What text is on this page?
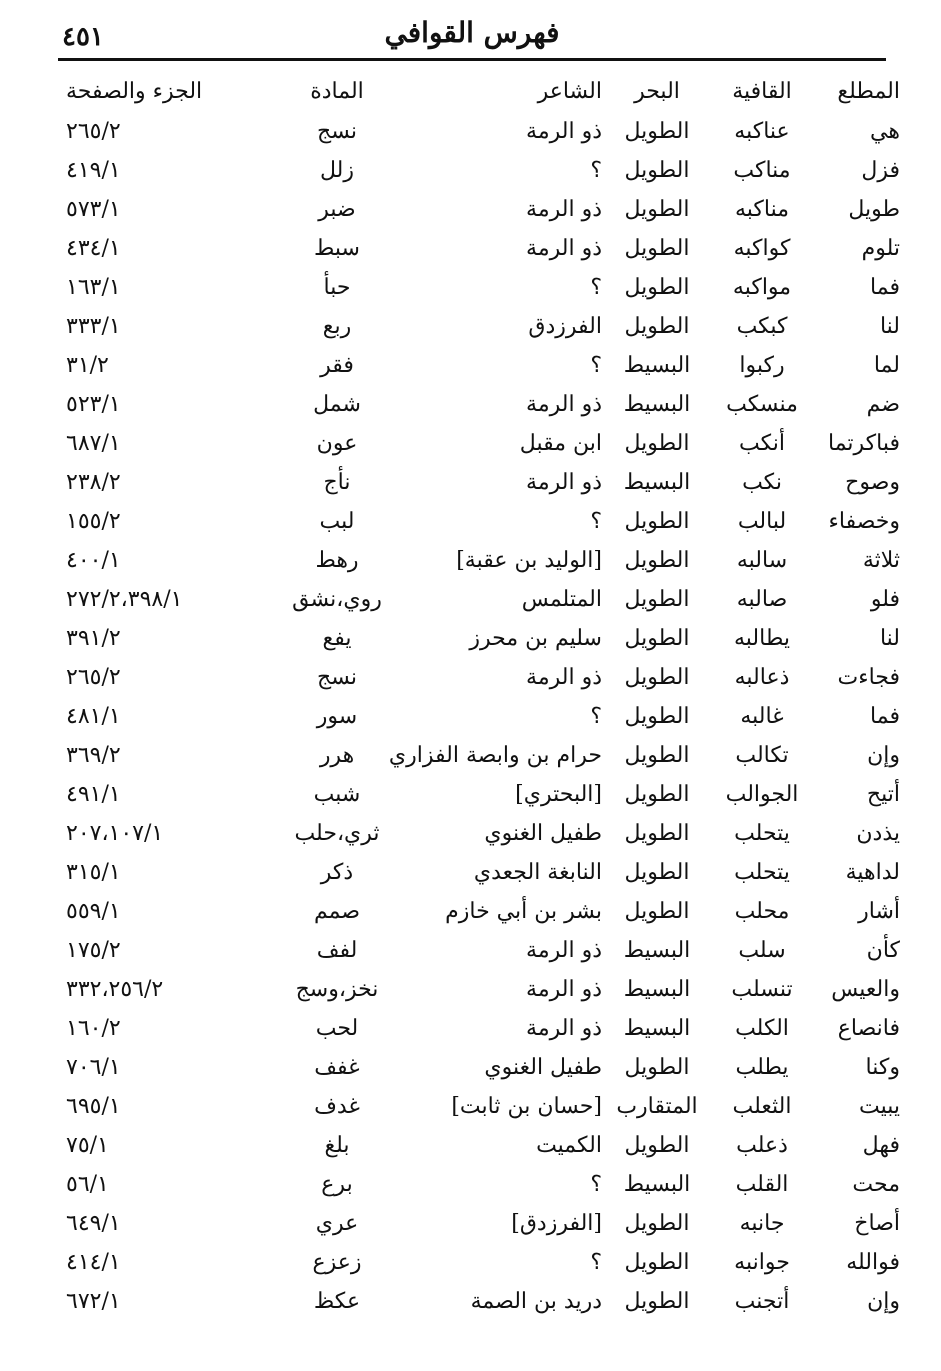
٤٥١	فهرس القوافي
المطلع	القافية	البحر	الشاعر	المادة	الجزء والصفحة
هي	عناكبه	الطويل	ذو الرمة	نسج	٢٦٥/٢
فزل	مناكب	الطويل	؟	زلل	٤١٩/١
طويل	مناكبه	الطويل	ذو الرمة	ضبر	٥٧٣/١
تلوم	كواكبه	الطويل	ذو الرمة	سبط	٤٣٤/١
فما	مواكبه	الطويل	؟	حبأ	١٦٣/١
لنا	كبكب	الطويل	الفرزدق	ربع	٣٣٣/١
لما	ركبوا	البسيط	؟	فقر	٣١/٢
ضم	منسكب	البسيط	ذو الرمة	شمل	٥٢٣/١
فباكرتما	أنكب	الطويل	ابن مقبل	عون	٦٨٧/١
وصوح	نكب	البسيط	ذو الرمة	نأج	٢٣٨/٢
وخصفاء	لبالب	الطويل	؟	لبب	١٥٥/٢
ثلاثة	سالبه	الطويل	[الوليد بن عقبة]	رهط	٤٠٠/١
فلو	صالبه	الطويل	المتلمس	روي،نشق	٢٧٢/٢،٣٩٨/١
لنا	يطالبه	الطويل	سليم بن محرز	يفع	٣٩١/٢
فجاءت	ذعالبه	الطويل	ذو الرمة	نسج	٢٦٥/٢
فما	غالبه	الطويل	؟	سور	٤٨١/١
وإن	تكالب	الطويل	حرام بن وابصة الفزاري	هرر	٣٦٩/٢
أتيح	الجوالب	الطويل	[البحتري]	شبب	٤٩١/١
يذدن	يتحلب	الطويل	طفيل الغنوي	ثري،حلب	٢٠٧،١٠٧/١
لداهية	يتحلب	الطويل	النابغة الجعدي	ذكر	٣١٥/١
أشار	محلب	الطويل	بشر بن أبي خازم	صمم	٥٥٩/١
كأن	سلب	البسيط	ذو الرمة	لفف	١٧٥/٢
والعيس	تنسلب	البسيط	ذو الرمة	نخز،وسج	٣٣٢،٢٥٦/٢
فانصاع	الكلب	البسيط	ذو الرمة	لحب	١٦٠/٢
وكنا	يطلب	الطويل	طفيل الغنوي	غفف	٧٠٦/١
يبيت	الثعلب	المتقارب	[حسان بن ثابت]	غدف	٦٩٥/١
فهل	ذعلب	الطويل	الكميت	بلغ	٧٥/١
محت	القلب	البسيط	؟	برع	٥٦/١
أصاخ	جانبه	الطويل	[الفرزدق]	عري	٦٤٩/١
فوالله	جوانبه	الطويل	؟	زعزع	٤١٤/١
وإن	أتجنب	الطويل	دريد بن الصمة	عكظ	٦٧٢/١
